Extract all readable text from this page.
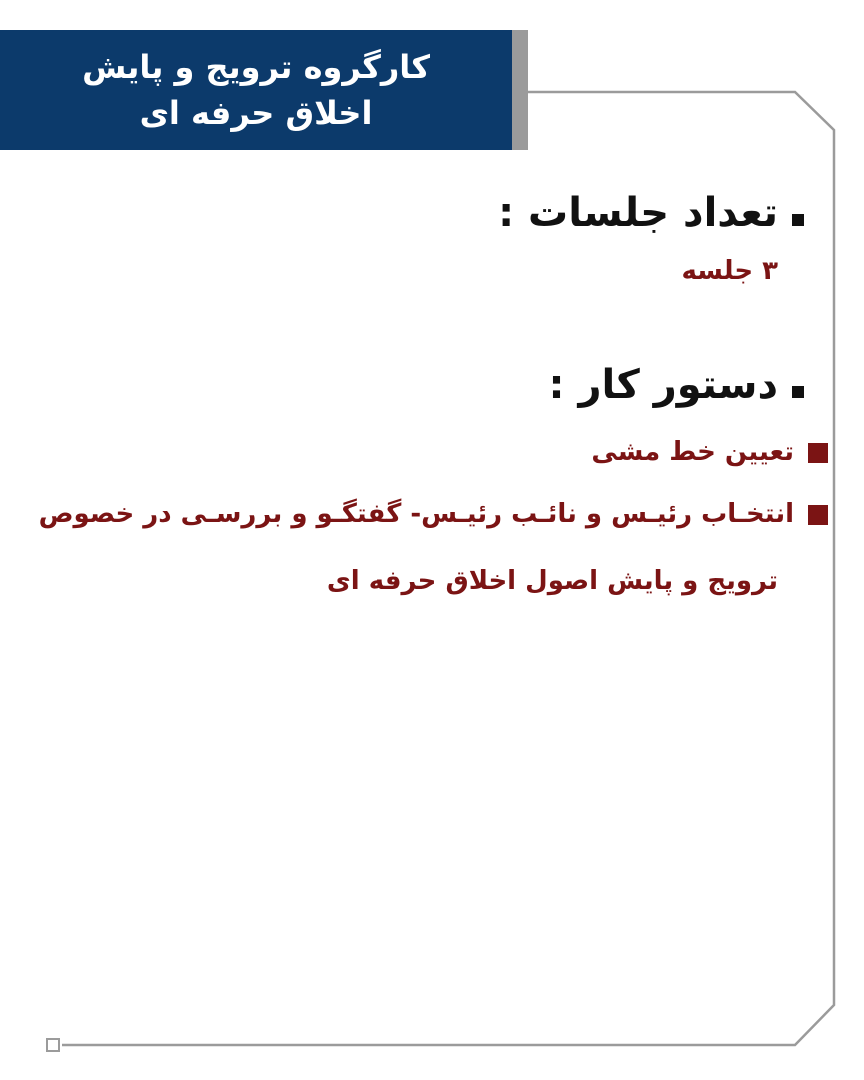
کارگروه ترویج و پایش
اخلاق حرفه ای
تعداد جلسات :
۳ جلسه
دستور کار :
تعیین خط مشی
انتخـاب رئیـس و نائـب رئیـس- گفتگـو و بررسـی در خصوص
ترویج و پایش اصول اخلاق حرفه ای
